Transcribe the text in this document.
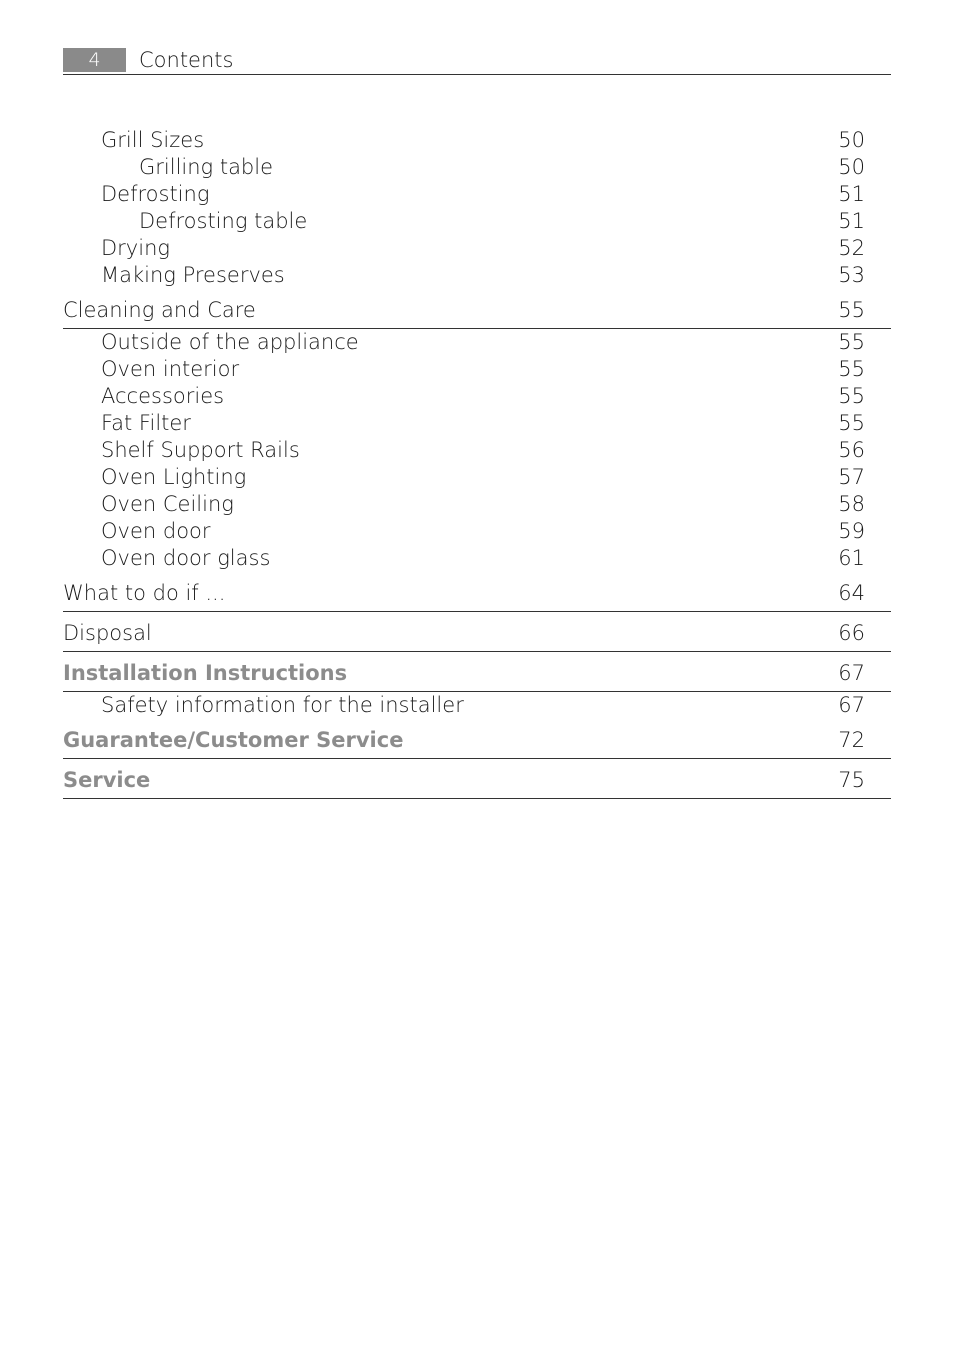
4	Contents
Grill Sizes	50
Grilling table	50
Defrosting	51
Defrosting table	51
Drying	52
Making Preserves	53
Cleaning and Care	55
Outside of the appliance	55
Oven interior	55
Accessories	55
Fat Filter	55
Shelf Support Rails	56
Oven Lighting	57
Oven Ceiling	58
Oven door	59
Oven door glass	61
What to do if ...	64
Disposal	66
Installation Instructions	67
Safety information for the installer	67
Guarantee/Customer Service	72
Service	75
